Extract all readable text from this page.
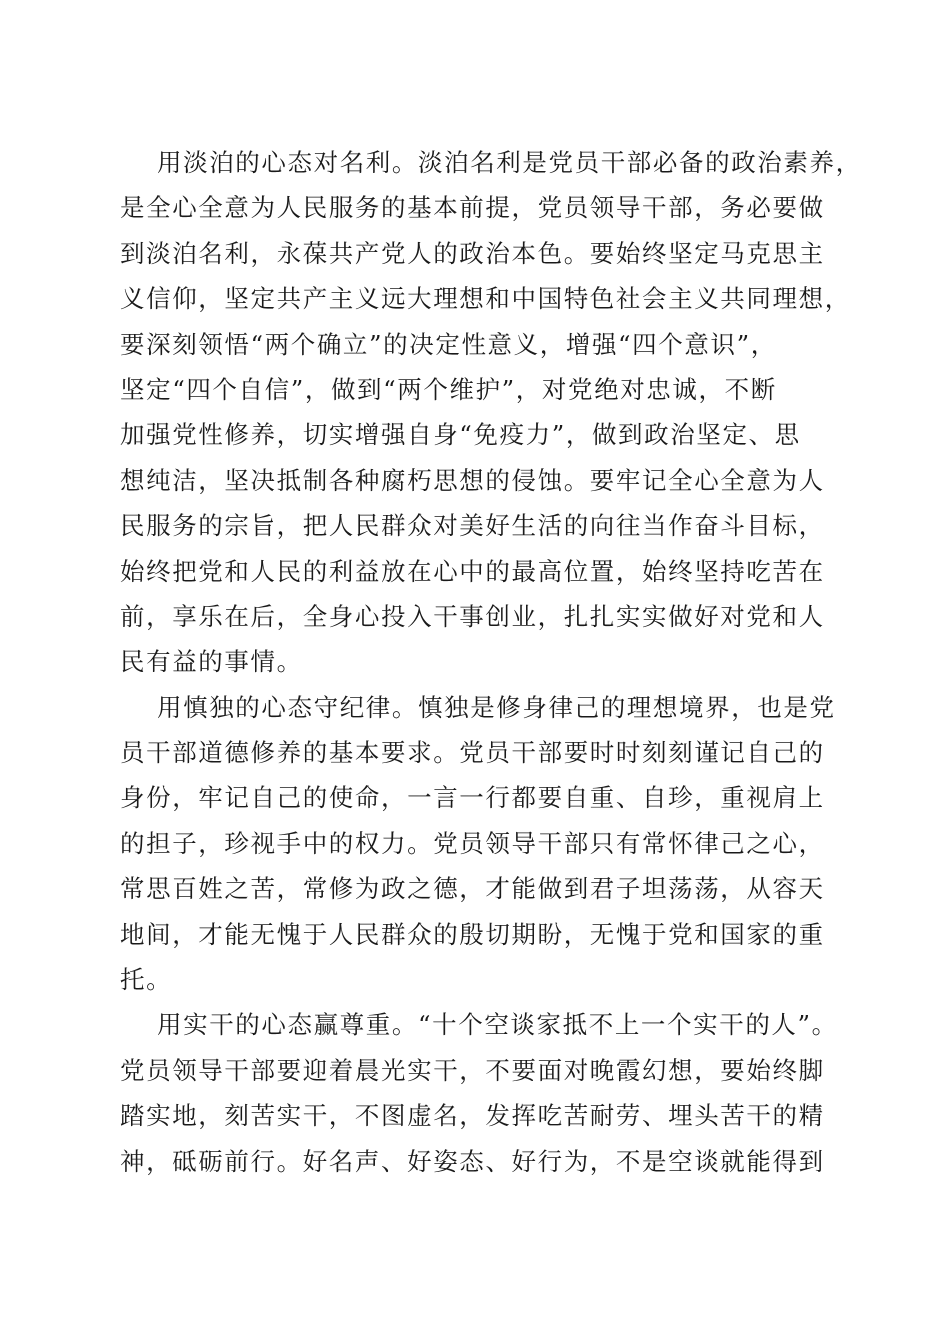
用淡泊的心态对名利。淡泊名利是党员干部必备的政治素养，
是全心全意为人民服务的基本前提，党员领导干部，务必要做
到淡泊名利，永葆共产党人的政治本色。要始终坚定马克思主
义信仰，坚定共产主义远大理想和中国特色社会主义共同理想，
要深刻领悟“两个确立”的决定性意义，增强“四个意识”，
坚定“四个自信”，做到“两个维护”，对党绝对忠诚，不断
加强党性修养，切实增强自身“免疫力”，做到政治坚定、思
想纯洁，坚决抵制各种腐朽思想的侵蚀。要牢记全心全意为人
民服务的宗旨，把人民群众对美好生活的向往当作奋斗目标，
始终把党和人民的利益放在心中的最高位置，始终坚持吃苦在
前，享乐在后，全身心投入干事创业，扎扎实实做好对党和人
民有益的事情。
用慎独的心态守纪律。慎独是修身律己的理想境界，也是党
员干部道德修养的基本要求。党员干部要时时刻刻谨记自己的
身份，牢记自己的使命，一言一行都要自重、自珍，重视肩上
的担子，珍视手中的权力。党员领导干部只有常怀律己之心，
常思百姓之苦，常修为政之德，才能做到君子坦荡荡，从容天
地间，才能无愧于人民群众的殷切期盼，无愧于党和国家的重
托。
用实干的心态赢尊重。“十个空谈家抵不上一个实干的人”。
党员领导干部要迎着晨光实干，不要面对晚霞幻想，要始终脚
踏实地，刻苦实干，不图虚名，发挥吃苦耐劳、埋头苦干的精
神，砥砺前行。好名声、好姿态、好行为，不是空谈就能得到
